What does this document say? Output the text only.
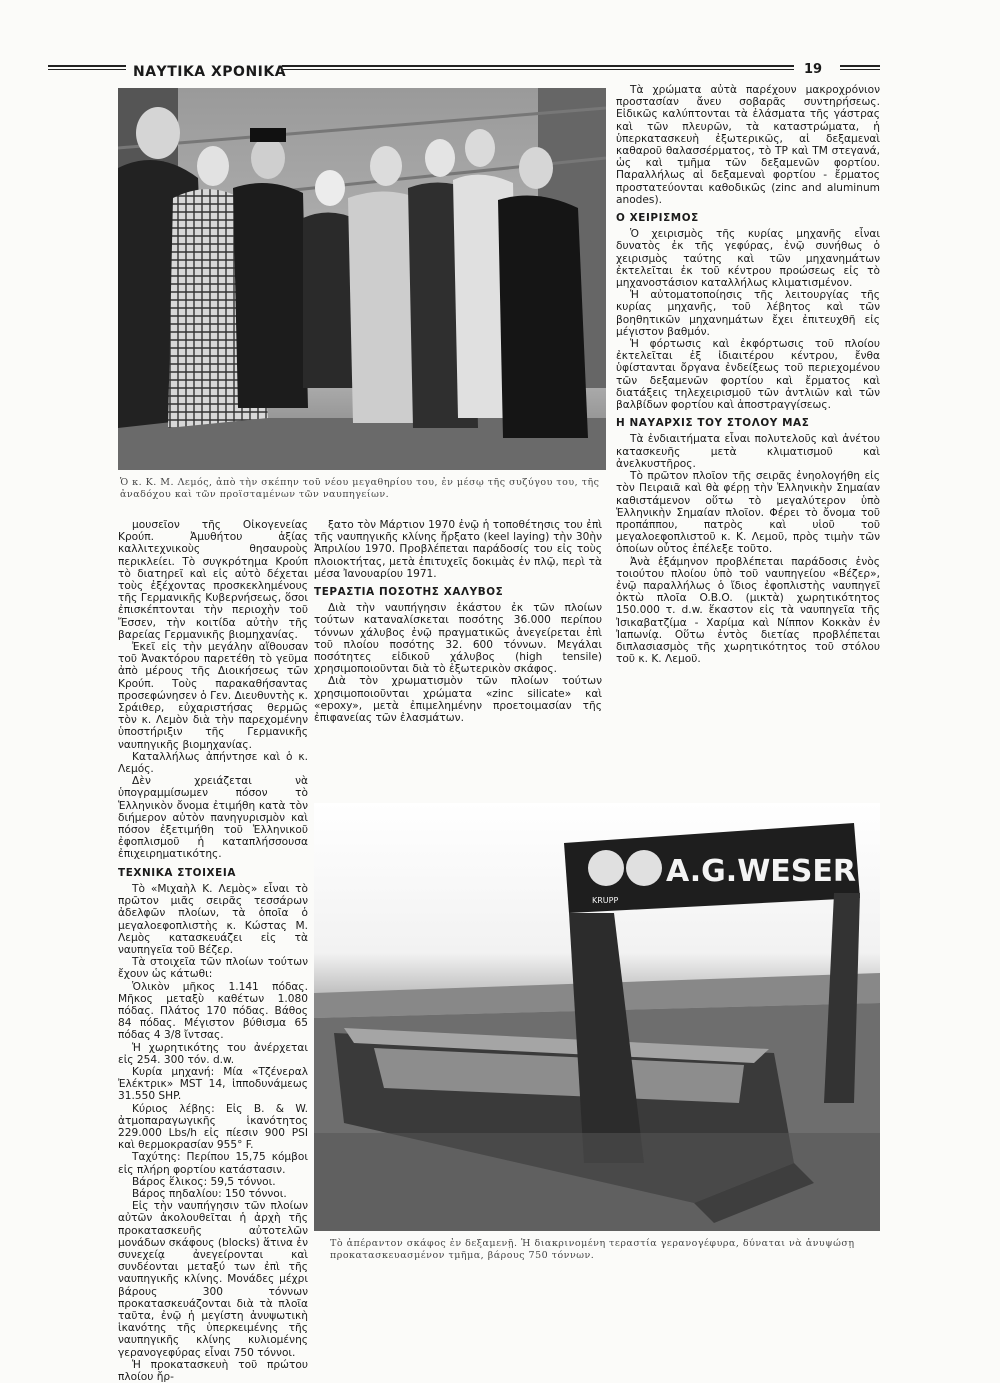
ΝΑΥΤΙΚΑ ΧΡΟΝΙΚΑ	19
Ὁ κ. Κ. Μ. Λεμός, ἀπὸ τὴν σκέπην τοῦ νέου μεγαθηρίου του, ἐν μέσῳ τῆς συζύγου του, τῆς ἀναδόχου καὶ τῶν προϊσταμένων τῶν ναυπηγείων.

Τὰ χρώματα αὐτὰ παρέχουν μακροχρόνιον προστασίαν ἄνευ σοβαρᾶς συντηρήσεως. Εἰδικῶς καλύπτονται τὰ ἐλάσματα τῆς γάστρας καὶ τῶν πλευρῶν, τὰ καταστρώματα, ἡ ὑπερκατασκευὴ ἐξωτερικῶς, αἱ δεξαμεναὶ καθαροῦ θαλασσέρματος, τὸ TP καὶ TM στεγανά, ὡς καὶ τμῆμα τῶν δεξαμενῶν φορτίου. Παραλλήλως αἱ δεξαμεναὶ φορτίου - ἔρματος προστατεύονται καθοδικῶς (zinc and aluminum anodes).

Ο ΧΕΙΡΙΣΜΟΣ

Ὁ χειρισμὸς τῆς κυρίας μηχανῆς εἶναι δυνατὸς ἐκ τῆς γεφύρας, ἐνῷ συνήθως ὁ χειρισμὸς ταύτης καὶ τῶν μηχανημάτων ἐκτελεῖται ἐκ τοῦ κέντρου προώσεως εἰς τὸ μηχανοστάσιον καταλλήλως κλιματισμένον.

Ἡ αὐτοματοποίησις τῆς λειτουργίας τῆς κυρίας μηχανῆς, τοῦ λέβητος καὶ τῶν βοηθητικῶν μηχανημάτων ἔχει ἐπιτευχθῆ εἰς μέγιστον βαθμόν.

Ἡ φόρτωσις καὶ ἐκφόρτωσις τοῦ πλοίου ἐκτελεῖται ἐξ ἰδιαιτέρου κέντρου, ἔνθα ὑφίστανται ὄργανα ἐνδείξεως τοῦ περιεχομένου τῶν δεξαμενῶν φορτίου καὶ ἔρματος καὶ διατάξεις τηλεχειρισμοῦ τῶν ἀντλιῶν καὶ τῶν βαλβίδων φορτίου καὶ ἀποστραγγίσεως.

Η ΝΑΥΑΡΧΙΣ ΤΟΥ ΣΤΟΛΟΥ ΜΑΣ

Τὰ ἐνδιαιτήματα εἶναι πολυτελοῦς καὶ ἀνέτου κατασκευῆς μετὰ κλιματισμοῦ καὶ ἀνελκυστῆρος.

Τὸ πρῶτον πλοῖον τῆς σειρᾶς ἐνηολογήθη εἰς τὸν Πειραιᾶ καὶ θὰ φέρῃ τὴν Ἑλληνικὴν Σημαίαν καθιστάμενον οὕτω τὸ μεγαλύτερον ὑπὸ Ἑλληνικὴν Σημαίαν πλοῖον. Φέρει τὸ ὄνομα τοῦ προπάππου, πατρὸς καὶ υἱοῦ τοῦ μεγαλοεφοπλιστοῦ κ. Κ. Λεμοῦ, πρὸς τιμὴν τῶν ὁποίων οὗτος ἐπέλεξε τοῦτο.

Ἀνὰ ἑξάμηνον προβλέπεται παράδοσις ἑνὸς τοιούτου πλοίου ὑπὸ τοῦ ναυπηγείου «Βέζερ», ἐνῷ παραλλήλως ὁ ἴδιος ἐφοπλιστὴς ναυπηγεῖ ὀκτὼ πλοῖα O.B.O. (μικτὰ) χωρητικότητος 150.000 τ. d.w. ἕκαστον εἰς τὰ ναυπηγεῖα τῆς Ἰσικαβατζίμα - Χαρίμα καὶ Νίππον Κοκκὰν ἐν Ἰαπωνίᾳ. Οὕτω ἐντὸς διετίας προβλέπεται διπλασιασμὸς τῆς χωρητικότητος τοῦ στόλου τοῦ κ. Κ. Λεμοῦ.

μουσεῖον τῆς Οἰκογενείας Κρούπ. Ἀμυθήτου ἀξίας καλλιτεχνικοὺς θησαυροὺς περικλείει. Τὸ συγκρότημα Κρούπ τὸ διατηρεῖ καὶ εἰς αὐτὸ δέχεται τοὺς ἐξέχοντας προσκεκλημένους τῆς Γερμανικῆς Κυβερνήσεως, ὅσοι ἐπισκέπτονται τὴν περιοχὴν τοῦ Ἔσσεν, τὴν κοιτίδα αὐτὴν τῆς βαρείας Γερμανικῆς βιομηχανίας.

Ἐκεῖ εἰς τὴν μεγάλην αἴθουσαν τοῦ Ἀνακτόρου παρετέθη τὸ γεῦμα ἀπὸ μέρους τῆς Διοικήσεως τῶν Κρούπ. Τοὺς παρακαθήσαντας προσεφώνησεν ὁ Γεν. Διευθυντὴς κ. Σράιθερ, εὐχαριστήσας θερμῶς τὸν κ. Λεμὸν διὰ τὴν παρεχομένην ὑποστήριξιν τῆς Γερμανικῆς ναυπηγικῆς βιομηχανίας.

Καταλλήλως ἀπήντησε καὶ ὁ κ. Λεμός.

Δὲν χρειάζεται νὰ ὑπογραμμίσωμεν πόσον τὸ Ἑλληνικὸν ὄνομα ἐτιμήθη κατὰ τὸν διήμερον αὐτὸν πανηγυρισμὸν καὶ πόσον ἐξετιμήθη τοῦ Ἑλληνικοῦ ἐφοπλισμοῦ ἡ καταπλήσσουσα ἐπιχειρηματικότης.

ΤΕΧΝΙΚΑ ΣΤΟΙΧΕΙΑ

Τὸ «Μιχαὴλ Κ. Λεμὸς» εἶναι τὸ πρῶτον μιᾶς σειρᾶς τεσσάρων ἀδελφῶν πλοίων, τὰ ὁποῖα ὁ μεγαλοεφοπλιστὴς κ. Κώστας Μ. Λεμὸς κατασκευάζει εἰς τὰ ναυπηγεῖα τοῦ Βέζερ.

Τὰ στοιχεῖα τῶν πλοίων τούτων ἔχουν ὡς κάτωθι:

Ὁλικὸν μῆκος 1.141 πόδας. Μῆκος μεταξὺ καθέτων 1.080 πόδας. Πλάτος 170 πόδας. Βάθος 84 πόδας. Μέγιστον βύθισμα 65 πόδας 4 3/8 ἴντσας.

Ἡ χωρητικότης του ἀνέρχεται εἰς 254. 300 τόν. d.w.

Κυρία μηχανή: Μία «Τζένεραλ Ἐλέκτρικ» MST 14, ἱπποδυνάμεως 31.550 SHP.

Κύριος λέβης: Εἰς B. & W. ἀτμοπαραγωγικῆς ἱκανότητος 229.000 Lbs/h εἰς πίεσιν 900 PSI καὶ θερμοκρασίαν 955° F.

Ταχύτης: Περίπου 15,75 κόμβοι εἰς πλήρη φορτίου κατάστασιν.

Βάρος ἕλικος: 59,5 τόννοι.

Βάρος πηδαλίου: 150 τόννοι.

Εἰς τὴν ναυπήγησιν τῶν πλοίων αὐτῶν ἀκολουθεῖται ἡ ἀρχὴ τῆς προκατασκευῆς αὐτοτελῶν μονάδων σκάφους (blocks) ἅτινα ἐν συνεχείᾳ ἀνεγείρονται καὶ συνδέονται μεταξύ των ἐπὶ τῆς ναυπηγικῆς κλίνης. Μονάδες μέχρι βάρους 300 τόννων προκατασκευάζονται διὰ τὰ πλοῖα ταῦτα, ἐνῷ ἡ μεγίστη ἀνυψωτικὴ ἱκανότης τῆς ὑπερκειμένης τῆς ναυπηγικῆς κλίνης κυλιομένης γερανογεφύρας εἶναι 750 τόννοι.

Ἡ προκατασκευὴ τοῦ πρώτου πλοίου ἤρ-

ξατο τὸν Μάρτιον 1970 ἐνῷ ἡ τοποθέτησις του ἐπὶ τῆς ναυπηγικῆς κλίνης ἤρξατο (keel laying) τὴν 30ὴν Ἀπριλίου 1970. Προβλέπεται παράδοσίς του εἰς τοὺς πλοιοκτήτας, μετὰ ἐπιτυχεῖς δοκιμὰς ἐν πλῷ, περὶ τὰ μέσα Ἰανουαρίου 1971.

ΤΕΡΑΣΤΙΑ ΠΟΣΟΤΗΣ ΧΑΛΥΒΟΣ

Διὰ τὴν ναυπήγησιν ἑκάστου ἐκ τῶν πλοίων τούτων καταναλίσκεται ποσότης 36.000 περίπου τόννων χάλυβος ἐνῷ πραγματικῶς ἀνεγείρεται ἐπὶ τοῦ πλοίου ποσότης 32. 600 τόννων. Μεγάλαι ποσότητες εἰδικοῦ χάλυβος (high tensile) χρησιμοποιοῦνται διὰ τὸ ἐξωτερικὸν σκάφος.

Διὰ τὸν χρωματισμὸν τῶν πλοίων τούτων χρησιμοποιοῦνται χρώματα «zinc silicate» καὶ «epoxy», μετὰ ἐπιμελημένην προετοιμασίαν τῆς ἐπιφανείας τῶν ἐλασμάτων.

A.G.WESER
KRUPP
Τὸ ἀπέραντον σκάφος ἐν δεξαμενῇ. Ἡ διακρινομένη τεραστία γερανογέφυρα, δύναται νὰ ἀνυψώσῃ προκατασκευασμένον τμῆμα, βάρους 750 τόννων.
